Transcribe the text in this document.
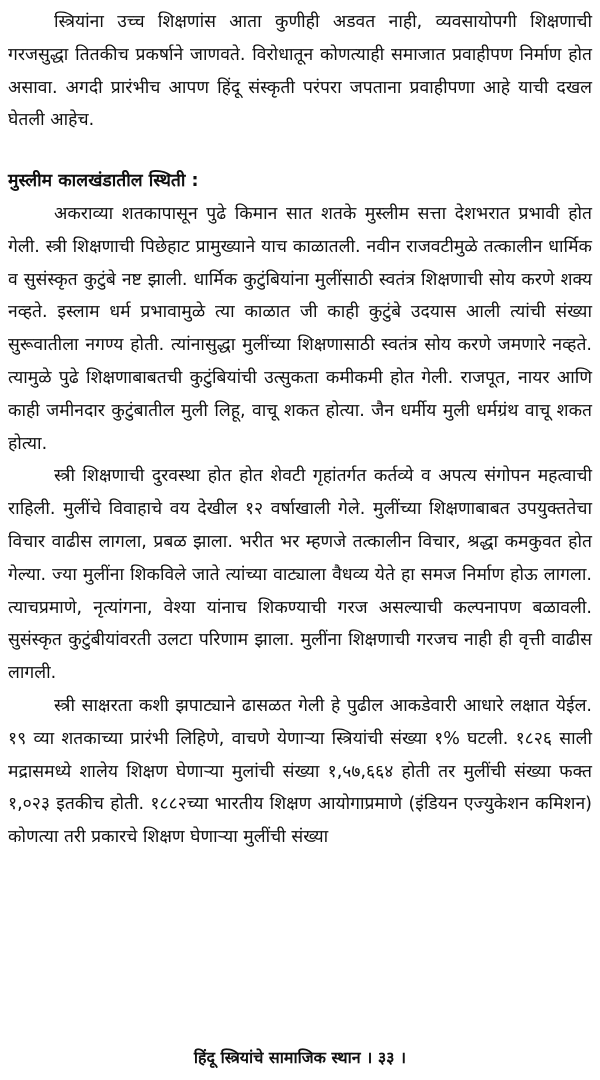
स्त्रियांना उच्च शिक्षणांस आता कुणीही अडवत नाही, व्यवसायोपगी शिक्षणाची गरजसुद्धा तितकीच प्रकर्षाने जाणवते. विरोधातून कोणत्याही समाजात प्रवाहीपण निर्माण होत असावा. अगदी प्रारंभीच आपण हिंदू संस्कृती परंपरा जपताना प्रवाहीपणा आहे याची दखल घेतली आहेच.

मुस्लीम कालखंडातील स्थिती :

अकराव्या शतकापासून पुढे किमान सात शतके मुस्लीम सत्ता देशभरात प्रभावी होत गेली. स्त्री शिक्षणाची पिछेहाट प्रामुख्याने याच काळातली. नवीन राजवटीमुळे तत्कालीन धार्मिक व सुसंस्कृत कुटुंबे नष्ट झाली. धार्मिक कुटुंबियांना मुलींसाठी स्वतंत्र शिक्षणाची सोय करणे शक्य नव्हते. इस्लाम धर्म प्रभावामुळे त्या काळात जी काही कुटुंबे उदयास आली त्यांची संख्या सुरूवातीला नगण्य होती. त्यांनासुद्धा मुलींच्या शिक्षणासाठी स्वतंत्र सोय करणे जमणारे नव्हते. त्यामुळे पुढे शिक्षणाबाबतची कुटुंबियांची उत्सुकता कमीकमी होत गेली. राजपूत, नायर आणि काही जमीनदार कुटुंबातील मुली लिहू, वाचू शकत होत्या. जैन धर्मीय मुली धर्मग्रंथ वाचू शकत होत्या.

स्त्री शिक्षणाची दुरवस्था होत होत शेवटी गृहांतर्गत कर्तव्ये व अपत्य संगोपन महत्वाची राहिली. मुलींचे विवाहाचे वय देखील १२ वर्षाखाली गेले. मुलींच्या शिक्षणाबाबत उपयुक्ततेचा विचार वाढीस लागला, प्रबळ झाला. भरीत भर म्हणजे तत्कालीन विचार, श्रद्धा कमकुवत होत गेल्या. ज्या मुलींना शिकविले जाते त्यांच्या वाट्याला वैधव्य येते हा समज निर्माण होऊ लागला. त्याचप्रमाणे, नृत्यांगना, वेश्या यांनाच शिकण्याची गरज असल्याची कल्पनापण बळावली. सुसंस्कृत कुटुंबीयांवरती उलटा परिणाम झाला. मुलींना शिक्षणाची गरजच नाही ही वृत्ती वाढीस लागली.

स्त्री साक्षरता कशी झपाट्याने ढासळत गेली हे पुढील आकडेवारी आधारे लक्षात येईल. १९ व्या शतकाच्या प्रारंभी लिहिणे, वाचणे येणाऱ्या स्त्रियांची संख्या १% घटली. १८२६ साली मद्रासमध्ये शालेय शिक्षण घेणाऱ्या मुलांची संख्या १,५७,६६४ होती तर मुलींची संख्या फक्त १,०२३ इतकीच होती. १८८२च्या भारतीय शिक्षण आयोगाप्रमाणे (इंडियन एज्युकेशन कमिशन) कोणत्या तरी प्रकारचे शिक्षण घेणाऱ्या मुलींची संख्या

हिंदू स्त्रियांचे सामाजिक स्थान । ३३ ।
